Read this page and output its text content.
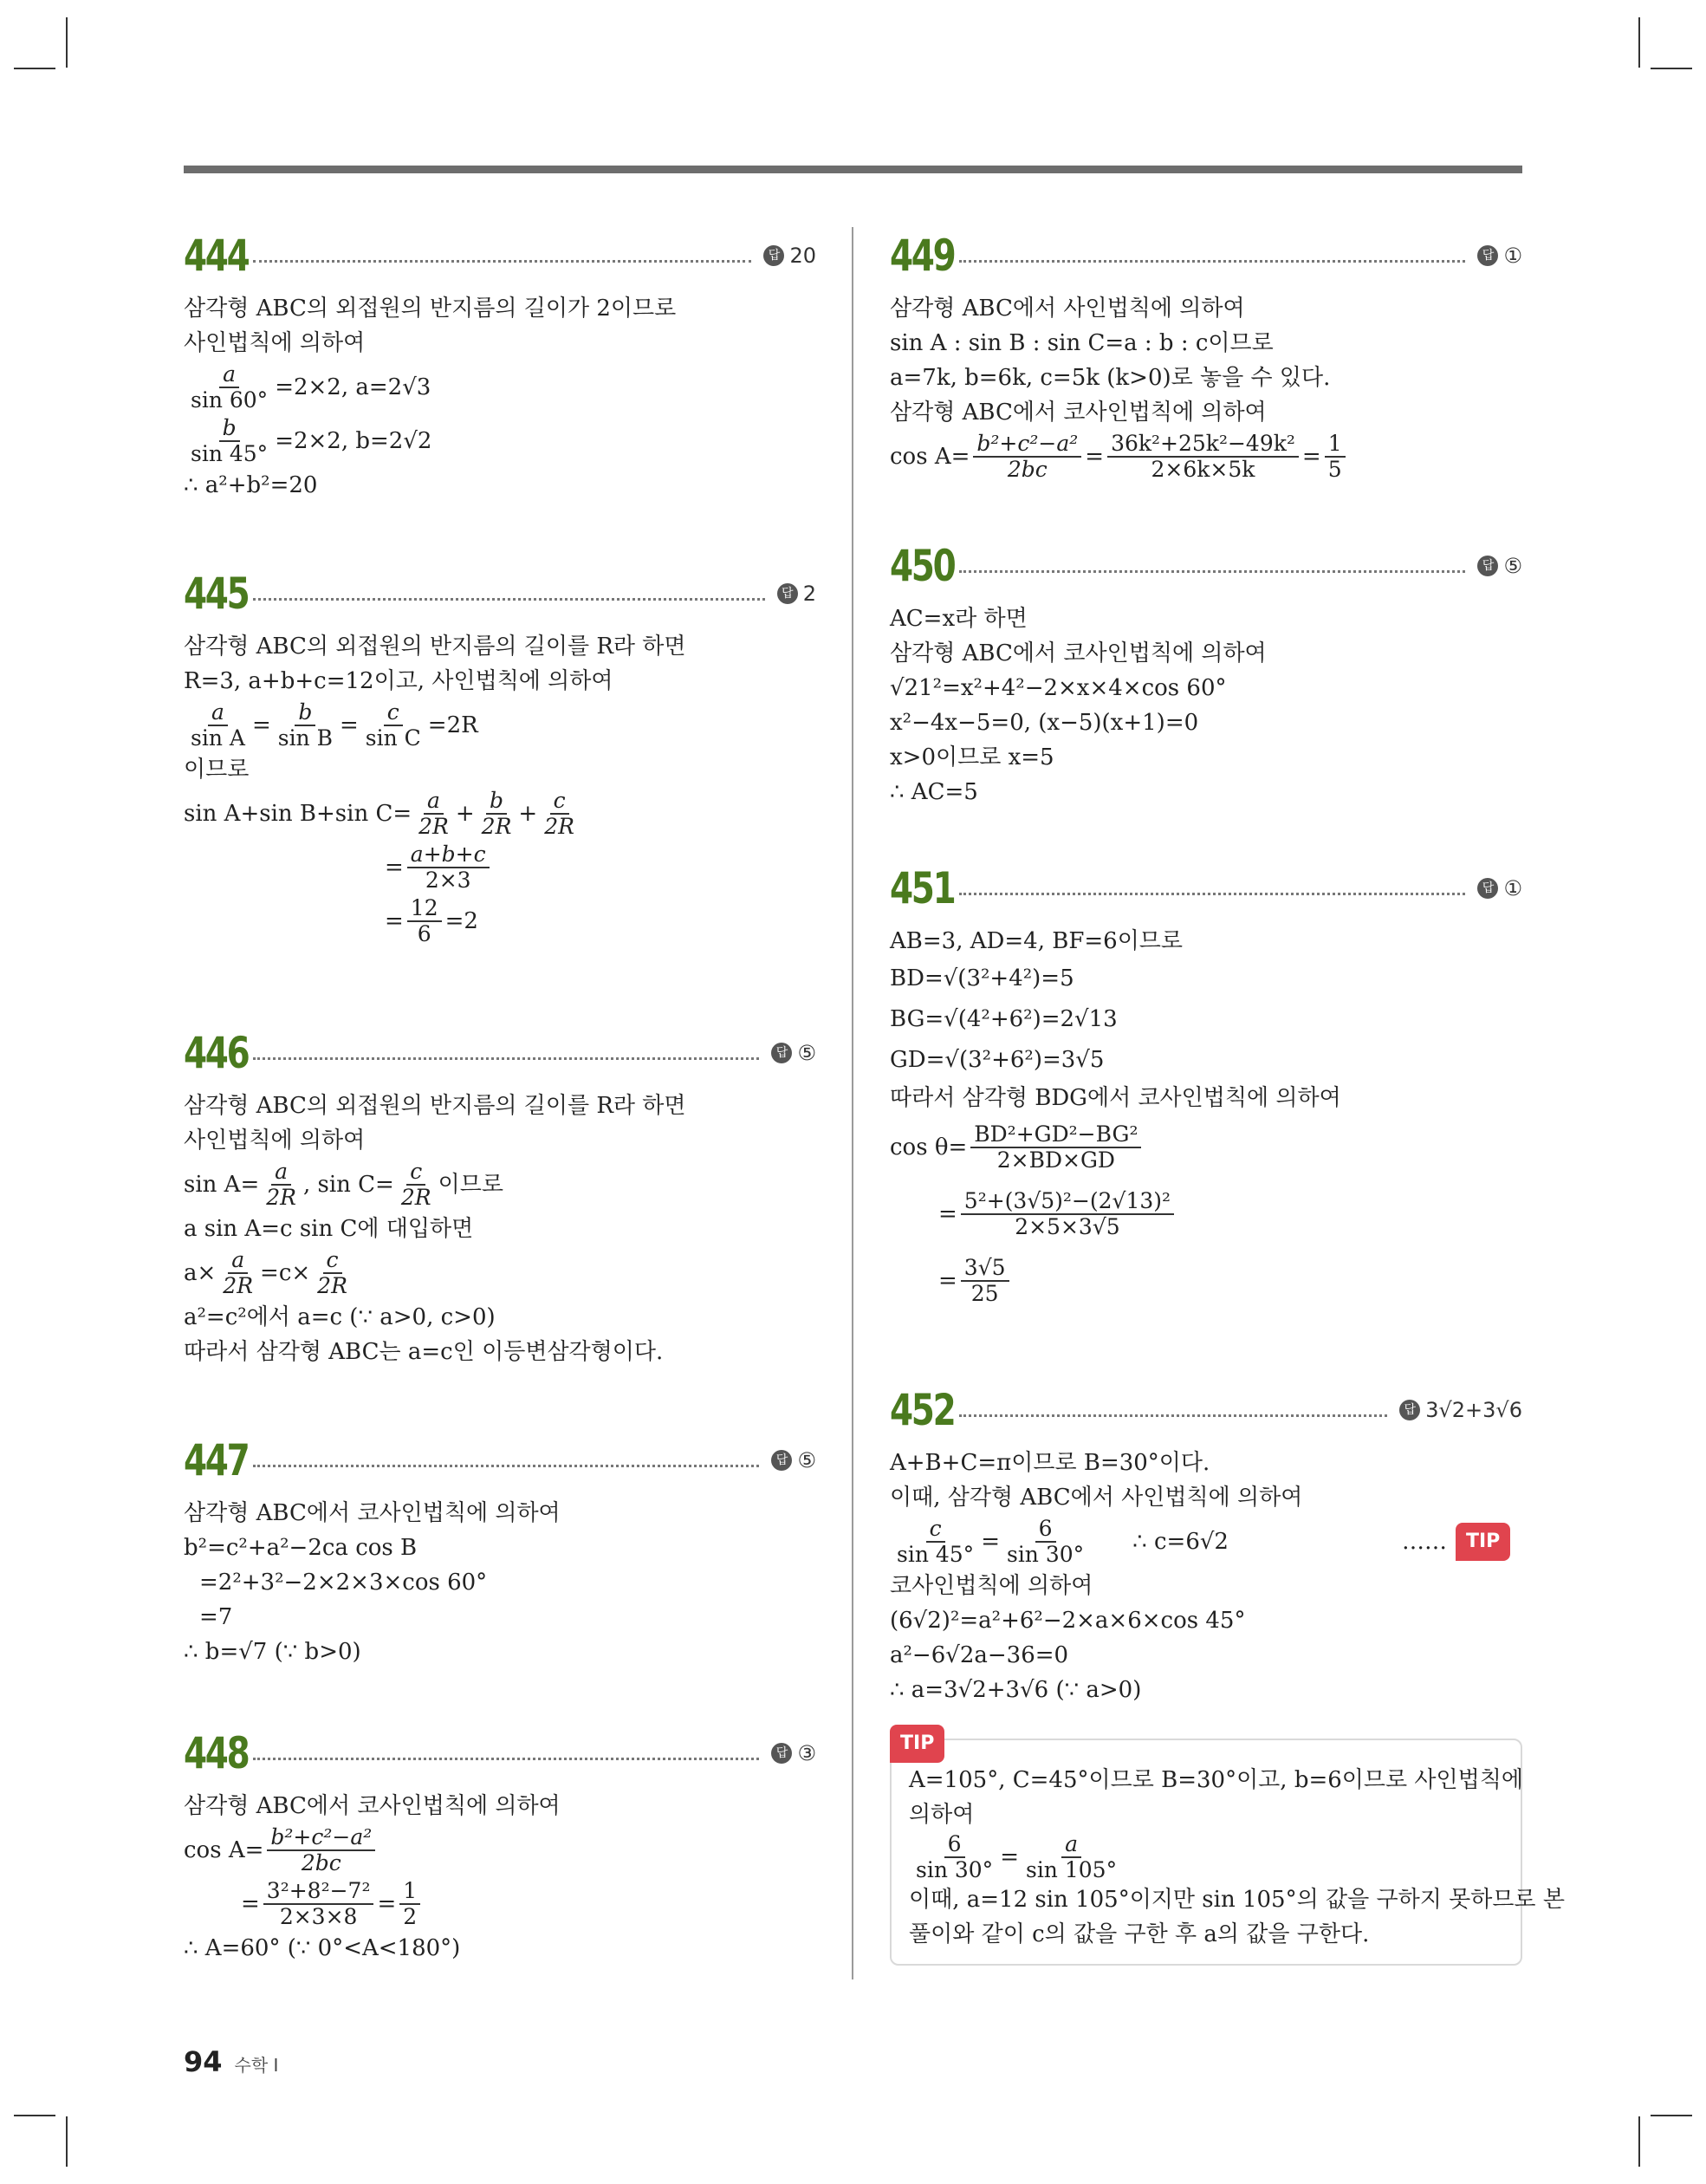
444	답 20
삼각형 ABC의 외접원의 반지름의 길이가 2이므로
사인법칙에 의하여
$\frac{a}{\sin 60^\circ} =2\times 2$, a=2√3
$\frac{b}{\sin 45^\circ} =2\times 2$, b=2√2
∴ a²+b²=20
445	답 2
삼각형 ABC의 외접원의 반지름의 길이를 R라 하면
R=3, a+b+c=12이고, 사인법칙에 의하여
$\frac{a}{\text{sin A}} = \frac{b}{\text{sin B}} = \frac{c}{\text{sin C}} =2R$
이므로
sin A+sin B+sin $C= \frac{a}{2R} + \frac{b}{2R} + \frac{c}{2R}$
= $\frac{a+b+c}{2\times 3}$
= $\frac{12}{6} =2$
446	답 ⑤
삼각형 ABC의 외접원의 반지름의 길이를 R라 하면
사인법칙에 의하여
$\sin A= \frac{a}{2R}$ , $\sin C= \frac{c}{2R}$ 이므로
a sin A=c sin C에 대입하면
$a\times \frac{a}{2R} =c\times \frac{c}{2R}$
a²=c²에서 a=c (∵ a>0, c>0)
따라서 삼각형 ABC는 a=c인 이등변삼각형이다.
447	답 ⑤
삼각형 ABC에서 코사인법칙에 의하여
b²=c²+a²−2ca cos B
=2²+3²−2×2×3×cos 60°
=7
∴ b=√7 (∵ b>0)
448	답 ③
삼각형 ABC에서 코사인법칙에 의하여
$\cos A= \frac{\text{b²+c²−a²}}{2bc}$
= $\frac{\text{3²+8²−7²}}{2\times 3\times 8} = \frac{1}{2}$
∴ A=60° (∵ 0°<A<180°)
449	답 ①
삼각형 ABC에서 사인법칙에 의하여
sin A : sin B : sin C=a : b : c이므로
a=7k, b=6k, c=5k (k>0)로 놓을 수 있다.
삼각형 ABC에서 코사인법칙에 의하여
$\cos A= \frac{\text{b²+c²−a²}}{2bc} = \frac{\text{36k²+25k²−49k²}}{2\times 6k\times 5k} = \frac{1}{5}$
450	답 ⑤
AC=x라 하면
삼각형 ABC에서 코사인법칙에 의하여
√21²=x²+4²−2×x×4×cos 60°
x²−4x−5=0, (x−5)(x+1)=0
x>0이므로 x=5
∴ AC=5
451	답 ①
AB=3, AD=4, BF=6이므로
BD=√(3²+4²)=5
BG=√(4²+6²)=2√13
GD=√(3²+6²)=3√5
따라서 삼각형 BDG에서 코사인법칙에 의하여
$\cos \theta= \frac{\text{BD²+GD²−BG²}}{2\times BD\times GD}$
= $\frac{\text{5²+(3√5)²−(2√13)²}}{2\times 5\times 3√5}$
= $\frac{3√5}{25}$
452	답 3√2+3√6
A+B+C=π이므로 B=30°이다.
이때, 삼각형 ABC에서 사인법칙에 의하여
$\frac{c}{\sin 45^\circ} = \frac{6}{\sin 30^\circ}$ ∴ c=6√2	……	TIP
코사인법칙에 의하여
(6√2)²=a²+6²−2×a×6×cos 45°
a²−6√2a−36=0
∴ a=3√2+3√6 (∵ a>0)
TIP
A=105°, C=45°이므로 B=30°이고, b=6이므로 사인법칙에
의하여
$\frac{6}{\sin 30^\circ} = \frac{a}{\sin 105^\circ}$
이때, a=12 sin 105°이지만 sin 105°의 값을 구하지 못하므로 본
풀이와 같이 c의 값을 구한 후 a의 값을 구한다.
94 수학 I
